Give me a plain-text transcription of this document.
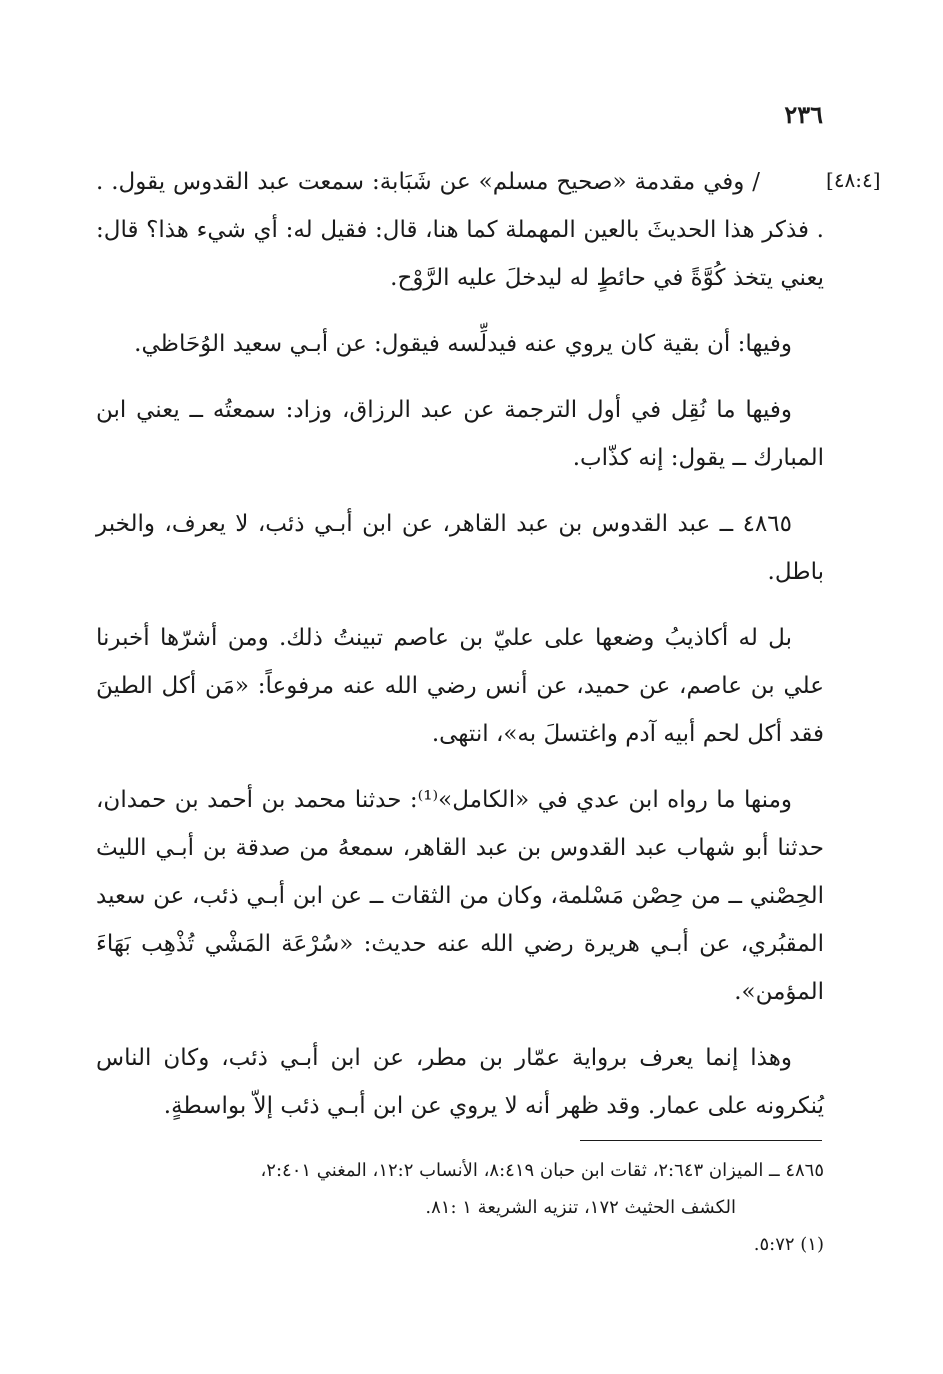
٢٣٦
[٤٨:٤]

/ وفي مقدمة «صحيح مسلم» عن شَبَابة: سمعت عبد القدوس يقول. . . فذكر هذا الحديثَ بالعين المهملة كما هنا، قال: فقيل له: أي شيء هذا؟ قال: يعني يتخذ كُوَّةً في حائطٍ له ليدخلَ عليه الرَّوْح.

وفيها: أن بقية كان يروي عنه فيدلِّسه فيقول: عن أبـي سعيد الوُحَاظي.

وفيها ما نُقِل في أول الترجمة عن عبد الرزاق، وزاد: سمعتُه ــ يعني ابن المبارك ــ يقول: إنه كذّاب.

٤٨٦٥ ــ عبد القدوس بن عبد القاهر، عن ابن أبـي ذئب، لا يعرف، والخبر باطل.

بل له أكاذيبُ وضعها على عليّ بن عاصم تبينتُ ذلك. ومن أشرّها أخبرنا علي بن عاصم، عن حميد، عن أنس رضي الله عنه مرفوعاً: «مَن أكل الطينَ فقد أكل لحم أبيه آدم واغتسلَ به»، انتهى.

ومنها ما رواه ابن عدي في «الكامل»⁽¹⁾: حدثنا محمد بن أحمد بن حمدان، حدثنا أبو شهاب عبد القدوس بن عبد القاهر، سمعهُ من صدقة بن أبـي الليث الحِصْني ــ من حِصْن مَسْلمة، وكان من الثقات ــ عن ابن أبـي ذئب، عن سعيد المقبُري، عن أبـي هريرة رضي الله عنه حديث: «سُرْعَة المَشْي تُذْهِب بَهَاءَ المؤمن».

وهذا إنما يعرف برواية عمّار بن مطر، عن ابن أبـي ذئب، وكان الناس يُنكرونه على عمار. وقد ظهر أنه لا يروي عن ابن أبـي ذئب إلاّ بواسطةٍ.

٤٨٦٥ ــ الميزان ٢:٦٤٣، ثقات ابن حبان ٨:٤١٩، الأنساب ١٢:٢، المغني ٢:٤٠١،
الكشف الحثيث ١٧٢، تنزيه الشريعة ١ :٨١.
(١) ٥:٧٢.
